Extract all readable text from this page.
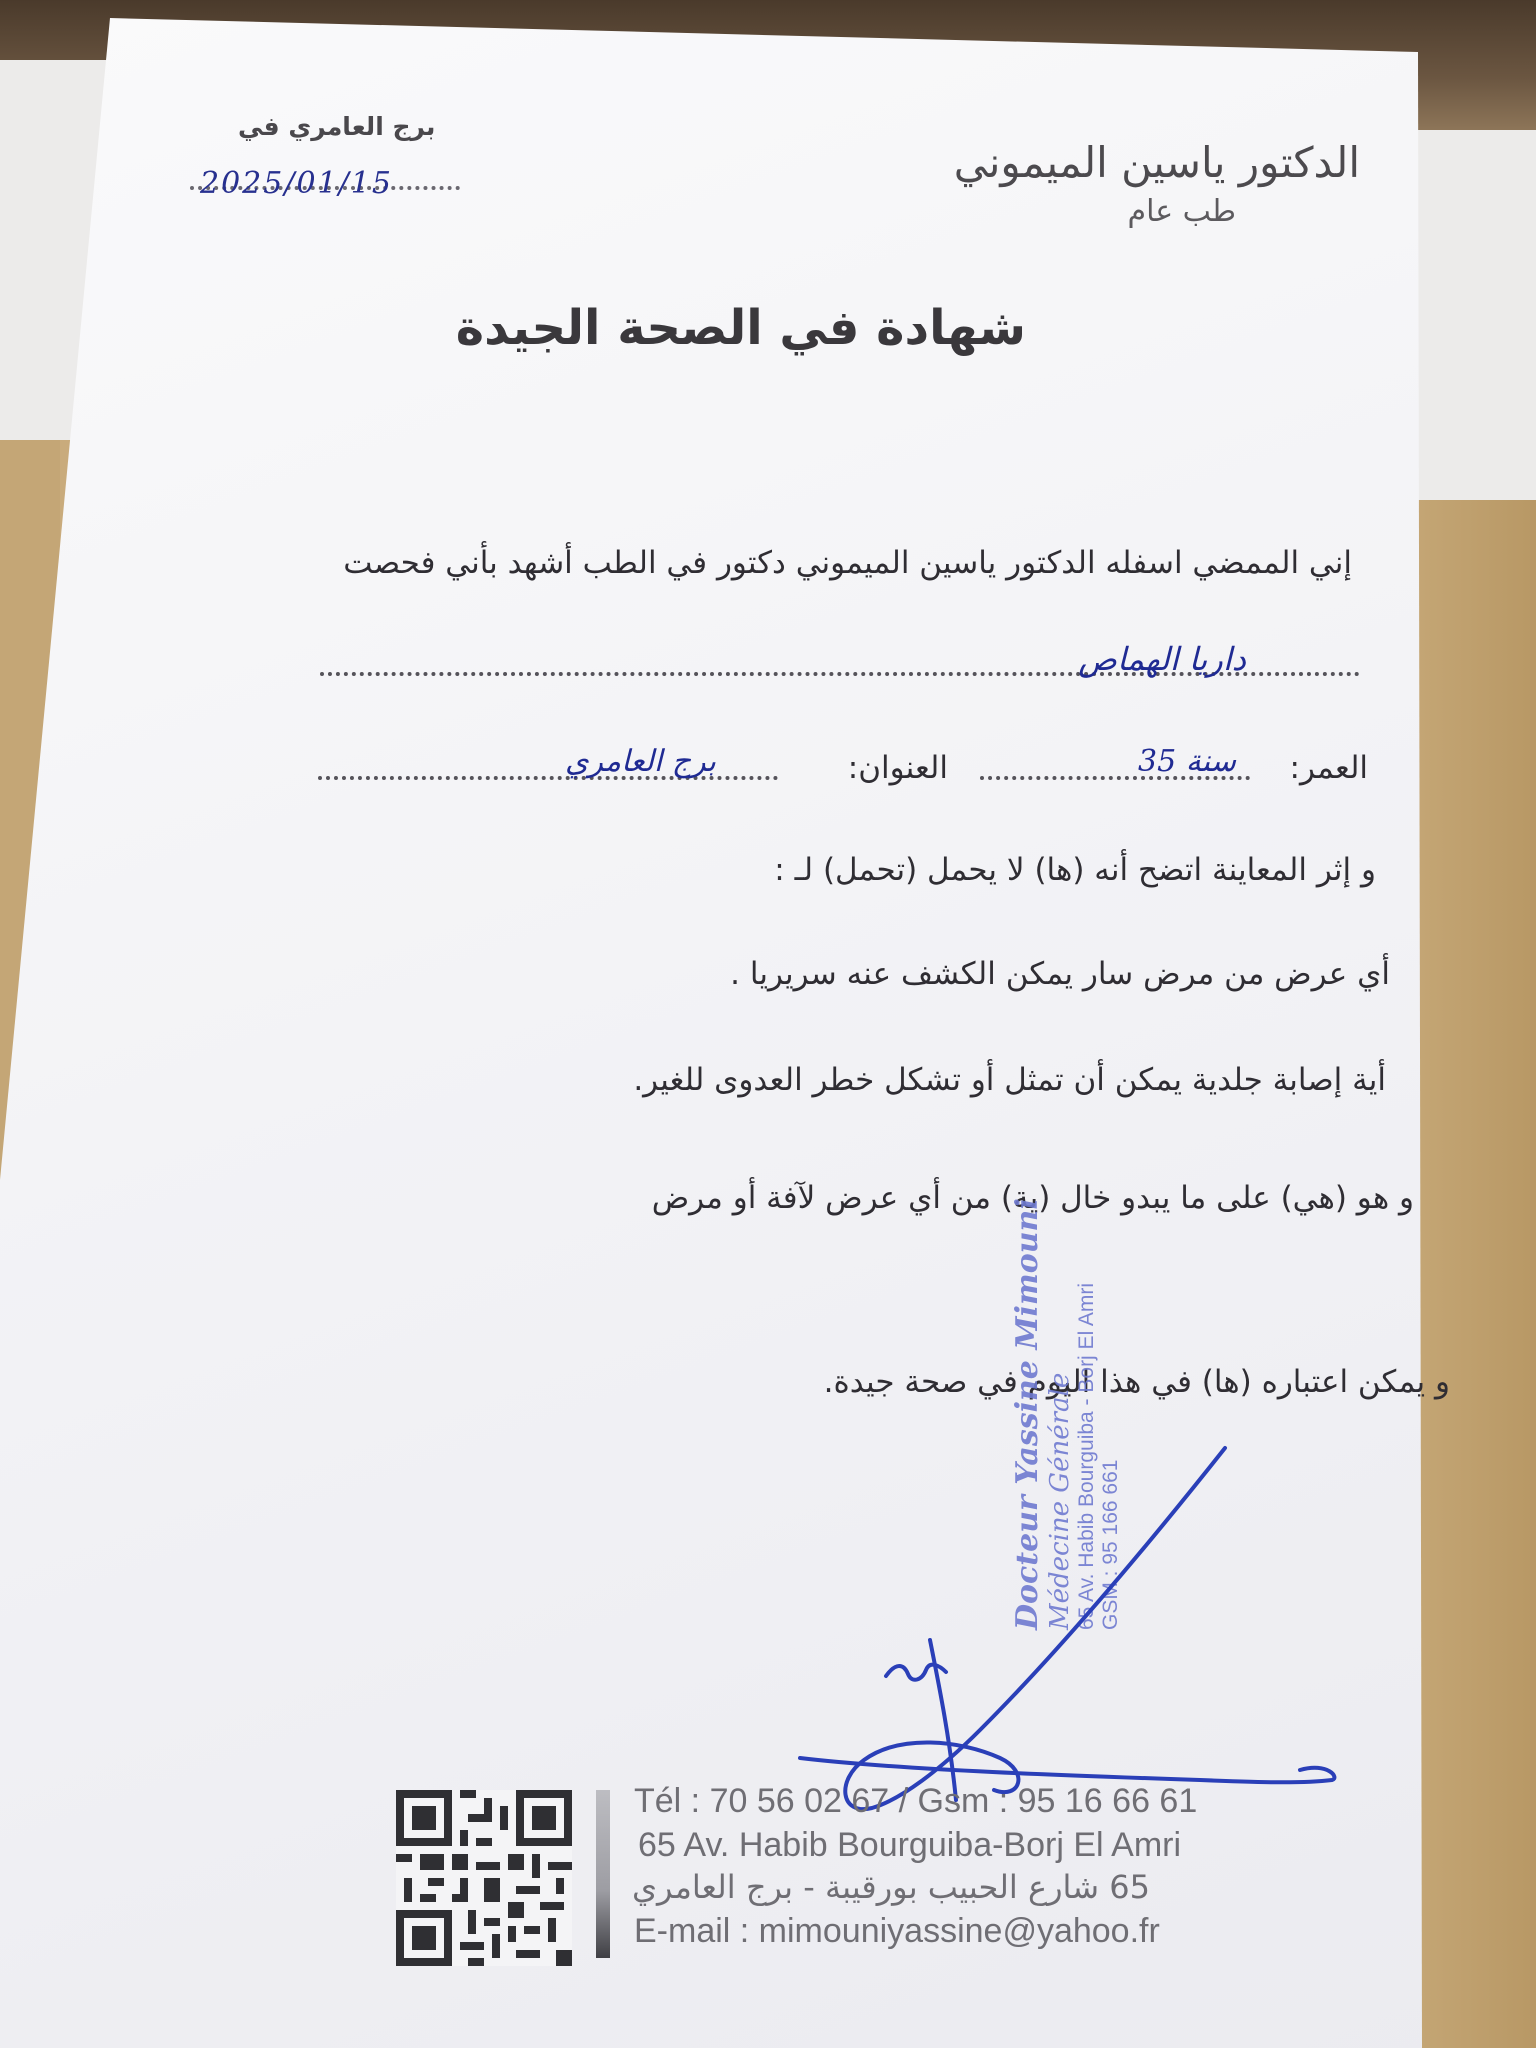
الدكتور ياسين الميموني
طب عام
برج العامري في
2025/01/15
شهادة في الصحة الجيدة
إني الممضي اسفله الدكتور ياسين الميموني دكتور في الطب أشهد بأني فحصت
داريا الهماص
العمر:
35 سنة
العنوان:
برج العامري
و إثر المعاينة اتضح أنه (ها) لا يحمل (تحمل) لـ :
أي عرض من مرض سار يمكن الكشف عنه سريريا .
أية إصابة جلدية يمكن أن تمثل أو تشكل خطر العدوى للغير.
و هو (هي) على ما يبدو خال (ية) من أي عرض لآفة أو مرض
و يمكن اعتباره (ها) في هذا اليوم في صحة جيدة.
Docteur Yassine Mimouni Médecine Générale 65 Av. Habib Bourguiba - Borj El Amri GSM : 95 166 661
Tél : 70 56 02 67 / Gsm : 95 16 66 61
65 Av. Habib Bourguiba-Borj El Amri
65 شارع الحبيب بورقيبة - برج العامري
E-mail : mimouniyassine@yahoo.fr
